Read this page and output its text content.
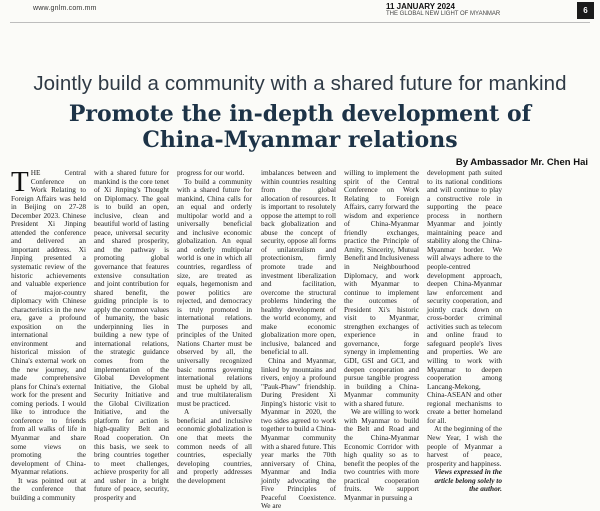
www.gnlm.com.mm	11 JANUARY 2024
THE GLOBAL NEW LIGHT OF MYANMAR	6
Jointly build a community with a shared future for mankind
Promote the in-depth development of
China-Myanmar relations
By Ambassador Mr. Chen Hai
T HE Central Conference on Work Relating to Foreign Affairs was held in Beijing on 27-28 December 2023. Chinese President Xi Jinping attended the conference and delivered an important address. Xi Jinping presented a systematic review of the historic achievements and valuable experience of major-country diplomacy with Chinese characteristics in the new era, gave a profound exposition on the international environment and historical mission of China's external work on the new journey, and made comprehensive plans for China's external work for the present and coming periods. I would like to introduce the conference to friends from all walks of life in Myanmar and share some views on promoting the development of China-Myanmar relations.

It was pointed out at the conference that building a community

with a shared future for mankind is the core tenet of Xi Jinping's Thought on Diplomacy. The goal is to build an open, inclusive, clean and beautiful world of lasting peace, universal security and shared prosperity, and the pathway is promoting global governance that features extensive consultation and joint contribution for shared benefit, the guiding principle is to apply the common values of humanity, the basic underpinning lies in building a new type of international relations, the strategic guidance comes from the implementation of the Global Development Initiative, the Global Security Initiative and the Global Civilization Initiative, and the platform for action is high-quality Belt and Road cooperation. On this basis, we seek to bring countries together to meet challenges, achieve prosperity for all and usher in a bright future of peace, security, prosperity and

progress for our world.

To build a community with a shared future for mankind, China calls for an equal and orderly multipolar world and a universally beneficial and inclusive economic globalization. An equal and orderly multipolar world is one in which all countries, regardless of size, are treated as equals, hegemonism and power politics are rejected, and democracy is truly promoted in international relations. The purposes and principles of the United Nations Charter must be observed by all, the universally recognized basic norms governing international relations must be upheld by all, and true multilateralism must be practiced.

A universally beneficial and inclusive economic globalization is one that meets the common needs of all countries, especially developing countries, and properly addresses the development

imbalances between and within countries resulting from the global allocation of resources. It is important to resolutely oppose the attempt to roll back globalization and abuse the concept of security, oppose all forms of unilateralism and protectionism, firmly promote trade and investment liberalization and facilitation, overcome the structural problems hindering the healthy development of the world economy, and make economic globalization more open, inclusive, balanced and beneficial to all.

China and Myanmar, linked by mountains and rivers, enjoy a profound "Pauk-Phaw" friendship. During President Xi Jinping's historic visit to Myanmar in 2020, the two sides agreed to work together to build a China-Myanmar community with a shared future. This year marks the 70th anniversary of China, Myanmar and India jointly advocating the Five Principles of Peaceful Coexistence. We are

willing to implement the spirit of the Central Conference on Work Relating to Foreign Affairs, carry forward the wisdom and experience of China-Myanmar friendly exchanges, practice the Principle of Amity, Sincerity, Mutual Benefit and Inclusiveness in Neighbourhood Diplomacy, and work with Myanmar to continue to implement the outcomes of President Xi's historic visit to Myanmar, strengthen exchanges of experience in governance, forge synergy in implementing GDI, GSI and GCI, and deepen cooperation and pursue tangible progress in building a China-Myanmar community with a shared future.

We are willing to work with Myanmar to build the Belt and Road and the China-Myanmar Economic Corridor with high quality so as to benefit the peoples of the two countries with more practical cooperation fruits. We support Myanmar in pursuing a

development path suited to its national conditions and will continue to play a constructive role in supporting the peace process in northern Myanmar and jointly maintaining peace and stability along the China-Myanmar border. We will always adhere to the people-centred development approach, deepen China-Myanmar law enforcement and security cooperation, and jointly crack down on cross-border criminal activities such as telecom and online fraud to safeguard people's lives and properties. We are willing to work with Myanmar to deepen cooperation among Lancang-Mekong, China-ASEAN and other regional mechanisms to create a better homeland for all.

At the beginning of the New Year, I wish the people of Myanmar a harvest of peace, prosperity and happiness.

Views expressed in the article belong solely to the author.
